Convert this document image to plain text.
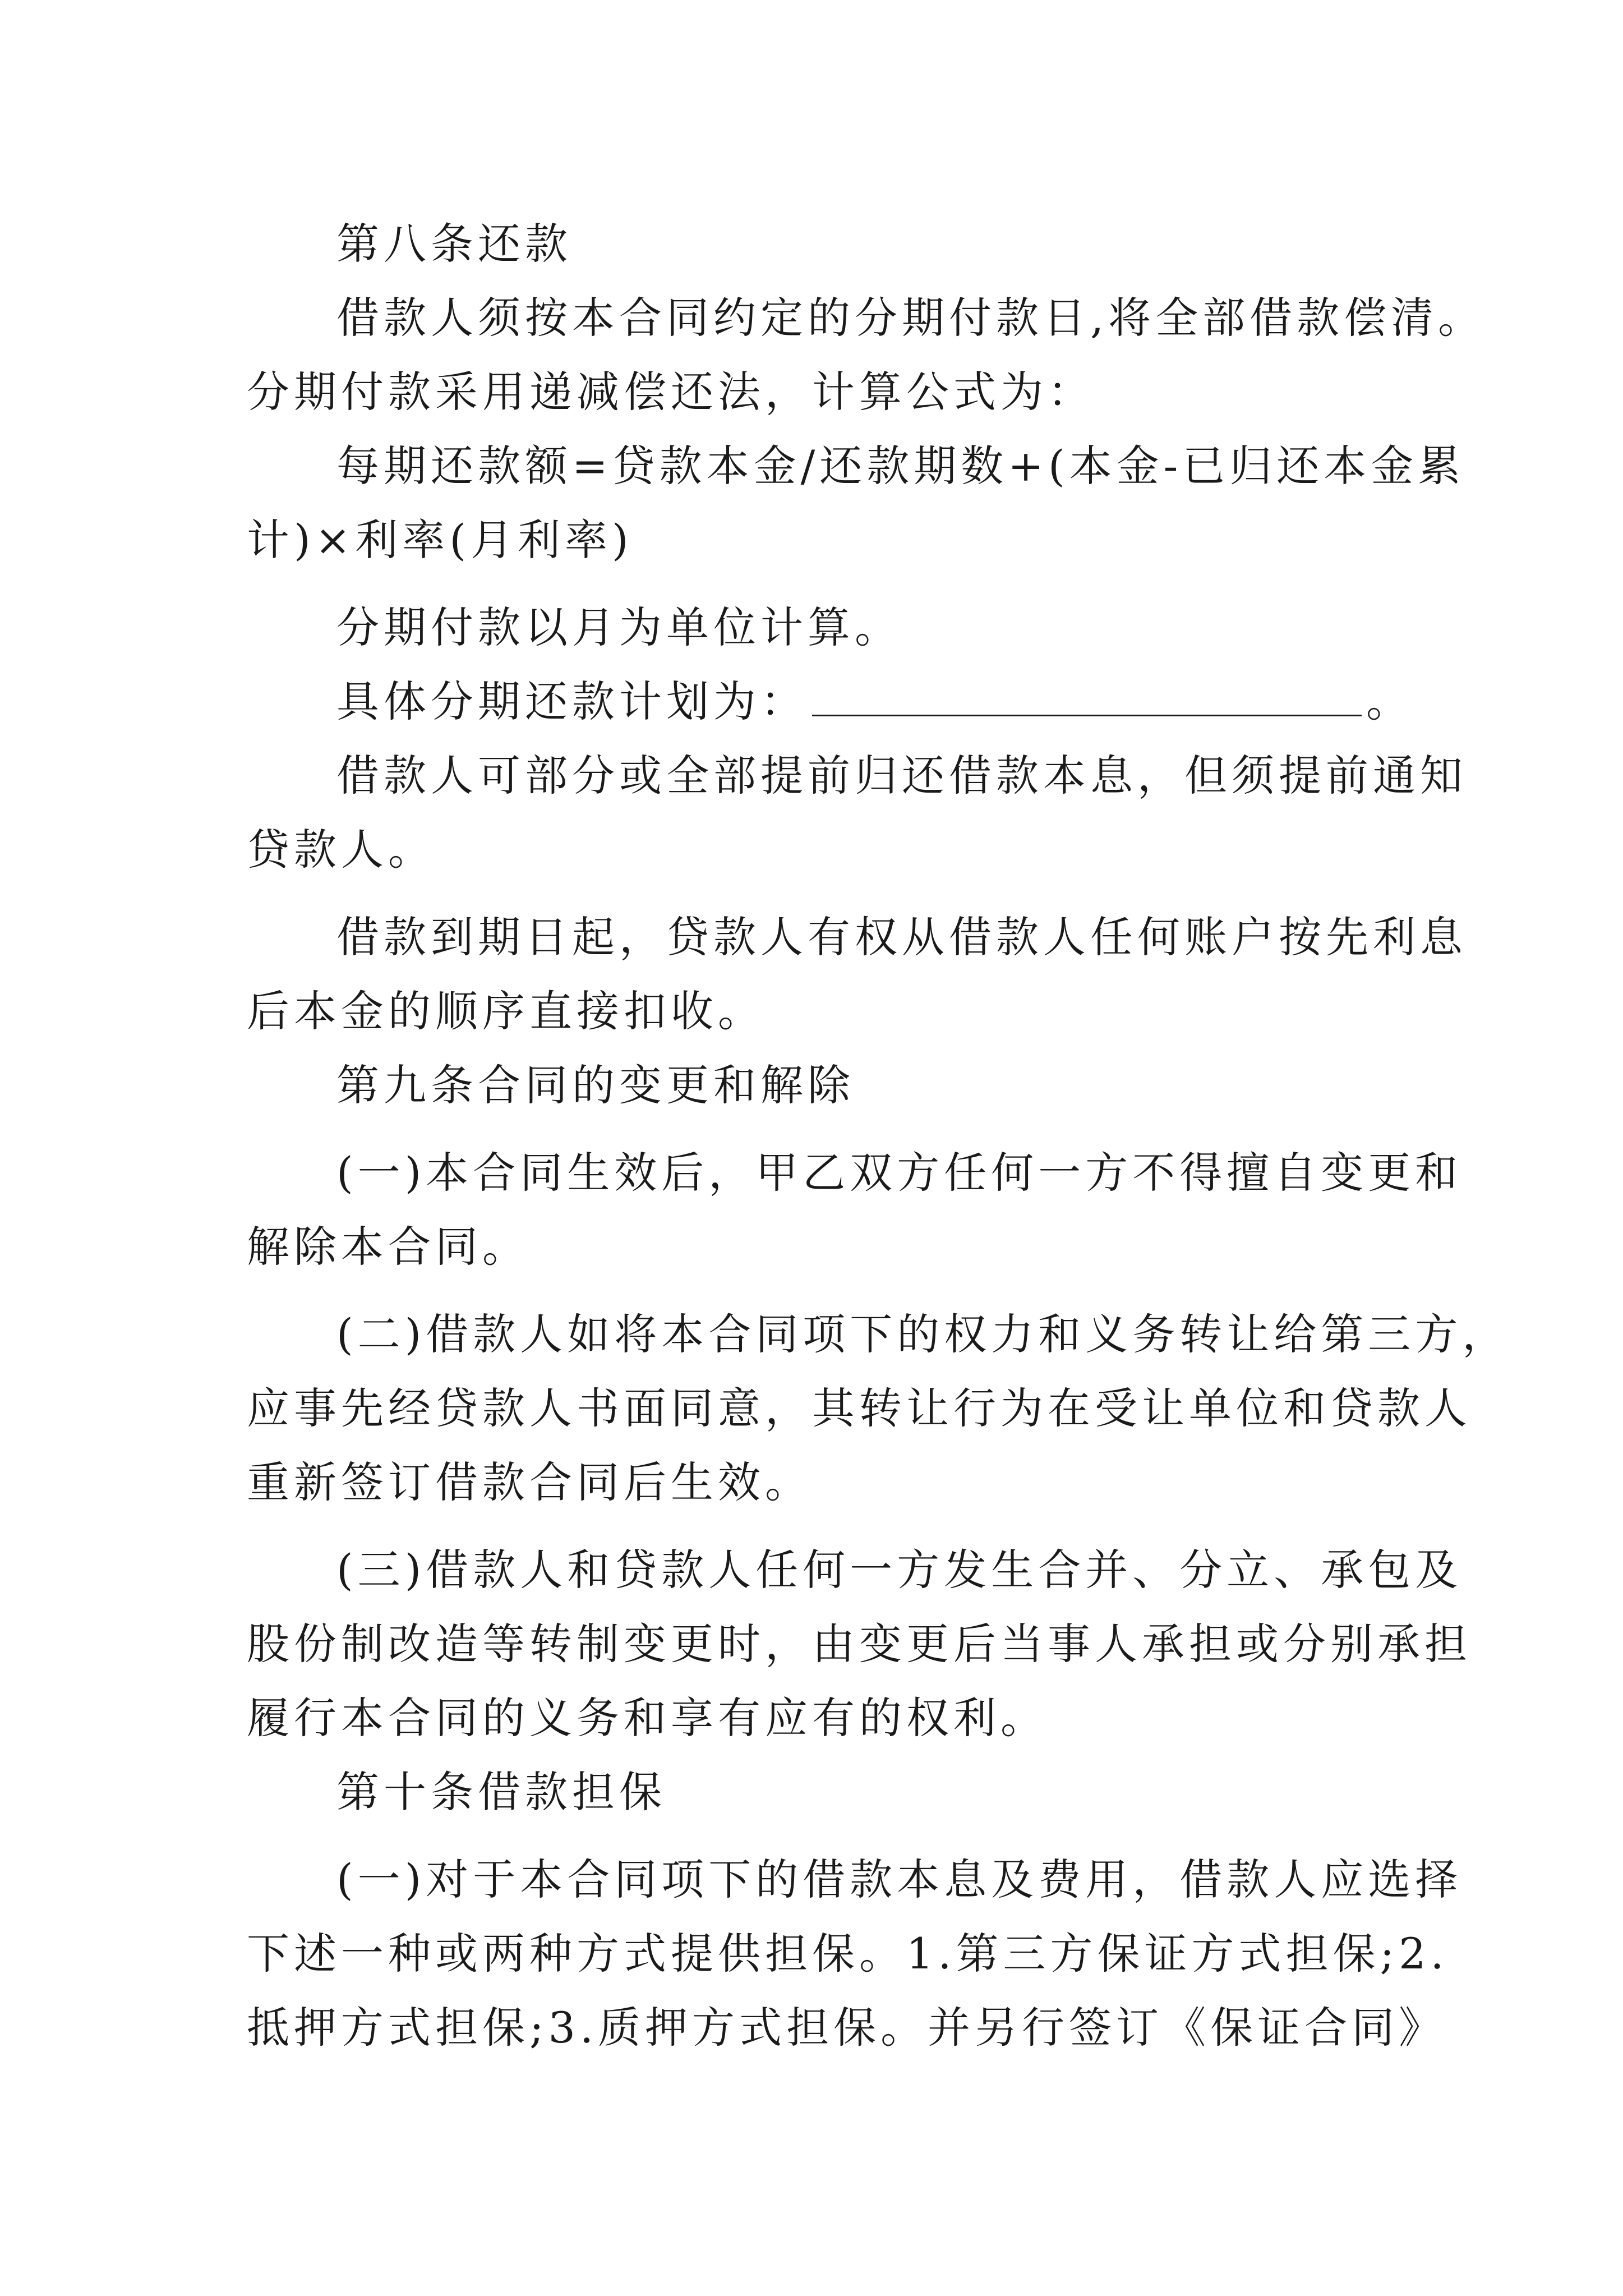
第八条还款
借款人须按本合同约定的分期付款日,将全部借款偿清。
分期付款采用递减偿还法，计算公式为：
每期还款额=贷款本金/还款期数+(本金-已归还本金累
计)×利率(月利率)
分期付款以月为单位计算。
具体分期还款计划为：	。
借款人可部分或全部提前归还借款本息，但须提前通知
贷款人。
借款到期日起，贷款人有权从借款人任何账户按先利息
后本金的顺序直接扣收。
第九条合同的变更和解除
(一)本合同生效后，甲乙双方任何一方不得擅自变更和
解除本合同。
(二)借款人如将本合同项下的权力和义务转让给第三方，
应事先经贷款人书面同意，其转让行为在受让单位和贷款人
重新签订借款合同后生效。
(三)借款人和贷款人任何一方发生合并、分立、承包及
股份制改造等转制变更时，由变更后当事人承担或分别承担
履行本合同的义务和享有应有的权利。
第十条借款担保
(一)对于本合同项下的借款本息及费用，借款人应选择
下述一种或两种方式提供担保。1.第三方保证方式担保;2.
抵押方式担保;3.质押方式担保。并另行签订《保证合同》
